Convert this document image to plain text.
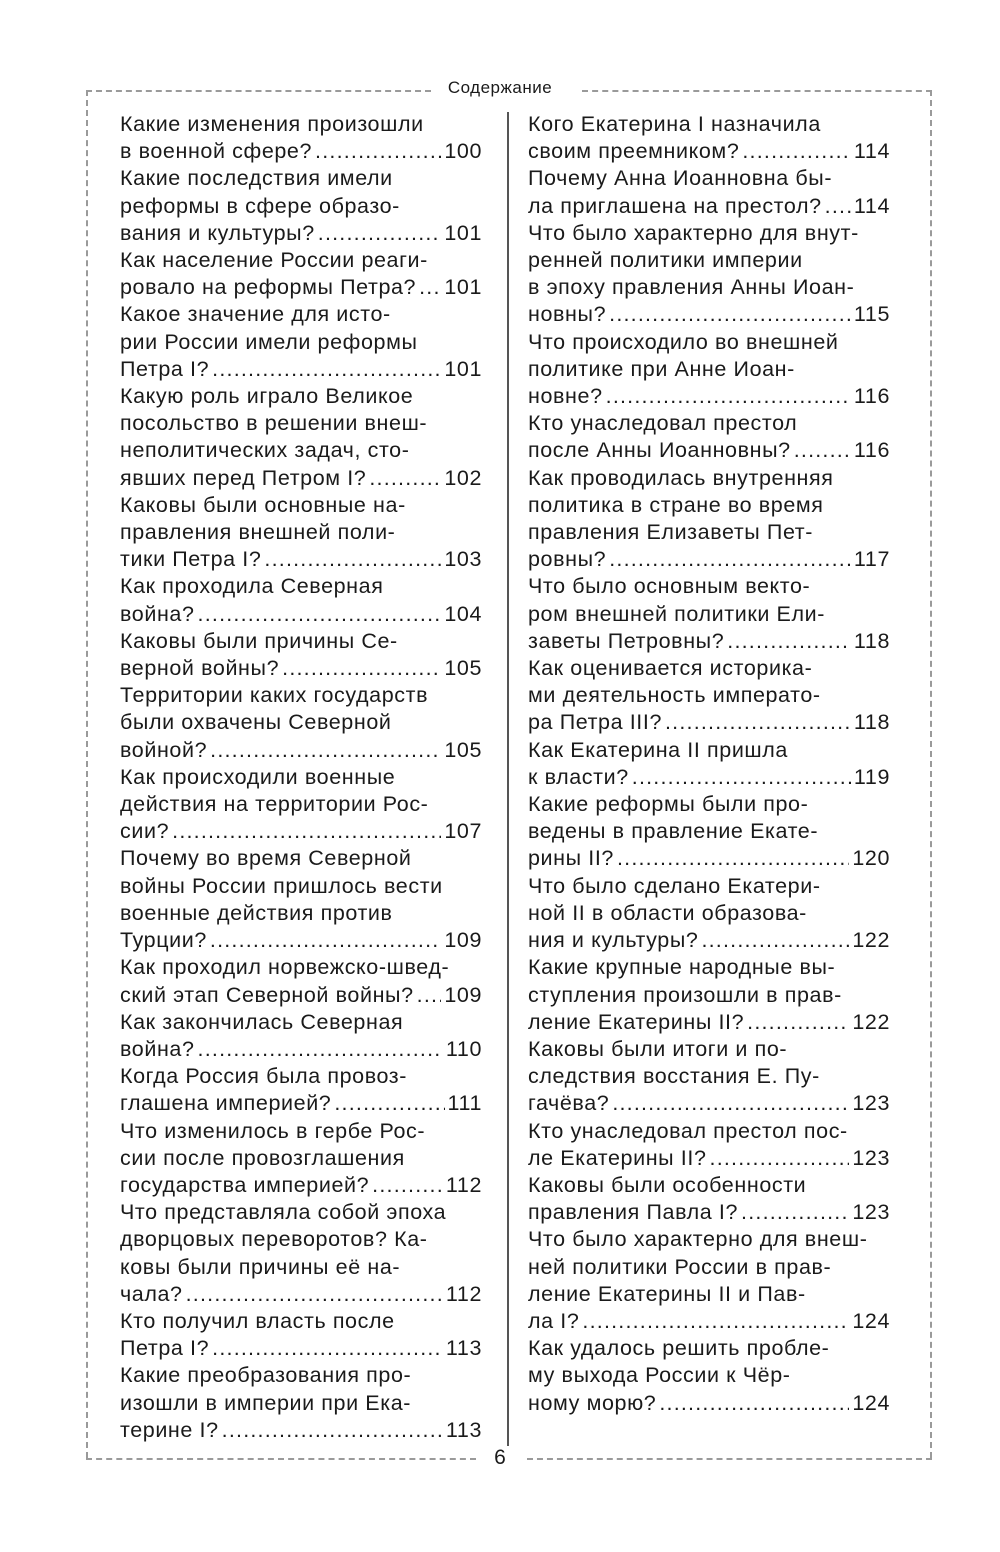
Содержание
Какие изменения произошли
в военной сфере? .....	100
Какие последствия имели
реформы в сфере образо-
вания и культуры? .....	101
Как население России реаги-
ровало на реформы Петра? ..... 101
Какое значение для исто-
рии России имели реформы
Петра I? .....	101
Какую роль играло Великое
посольство в решении внеш-
неполитических задач, сто-
явших перед Петром I? .....	102
Каковы были основные на-
правления внешней поли-
тики Петра I? .....	103
Как проходила Северная
война? .....	104
Каковы были причины Се-
верной войны? .....	105
Территории каких государств
были охвачены Северной
войной? .....	105
Как происходили военные
действия на территории Рос-
сии? .....	107
Почему во время Северной
войны России пришлось вести
военные действия против
Турции? .....	109
Как проходил норвежско-швед-
ский этап Северной войны? ..... 109
Как закончилась Северная
война? .....	110
Когда Россия была провоз-
глашена империей? .....	111
Что изменилось в гербе Рос-
сии после провозглашения
государства империей? .....	112
Что представляла собой эпоха
дворцовых переворотов? Ка-
ковы были причины её на-
чала? .....	112
Кто получил власть после
Петра I? .....	113
Какие преобразования про-
изошли в империи при Ека-
терине I? .....	113
Кого Екатерина I назначила
своим преемником? .....	114
Почему Анна Иоанновна бы-
ла приглашена на престол? ..... 114
Что было характерно для внут-
ренней политики империи
в эпоху правления Анны Иоан-
новны? .....	115
Что происходило во внешней
политике при Анне Иоан-
новне? .....	116
Кто унаследовал престол
после Анны Иоанновны? .....	116
Как проводилась внутренняя
политика в стране во время
правления Елизаветы Пет-
ровны? .....	117
Что было основным векто-
ром внешней политики Ели-
заветы Петровны? .....	118
Как оценивается историка-
ми деятельность императо-
ра Петра III? .....	118
Как Екатерина II пришла
к власти? .....	119
Какие реформы были про-
ведены в правление Екате-
рины II? .....	120
Что было сделано Екатери-
ной II в области образова-
ния и культуры? .....	122
Какие крупные народные вы-
ступления произошли в прав-
ление Екатерины II? .....	122
Каковы были итоги и по-
следствия восстания Е. Пу-
гачёва? .....	123
Кто унаследовал престол пос-
ле Екатерины II? .....	123
Каковы были особенности
правления Павла I? .....	123
Что было характерно для внеш-
ней политики России в прав-
ление Екатерины II и Пав-
ла I? .....	124
Как удалось решить пробле-
му выхода России к Чёр-
ному морю? .....	124
6
